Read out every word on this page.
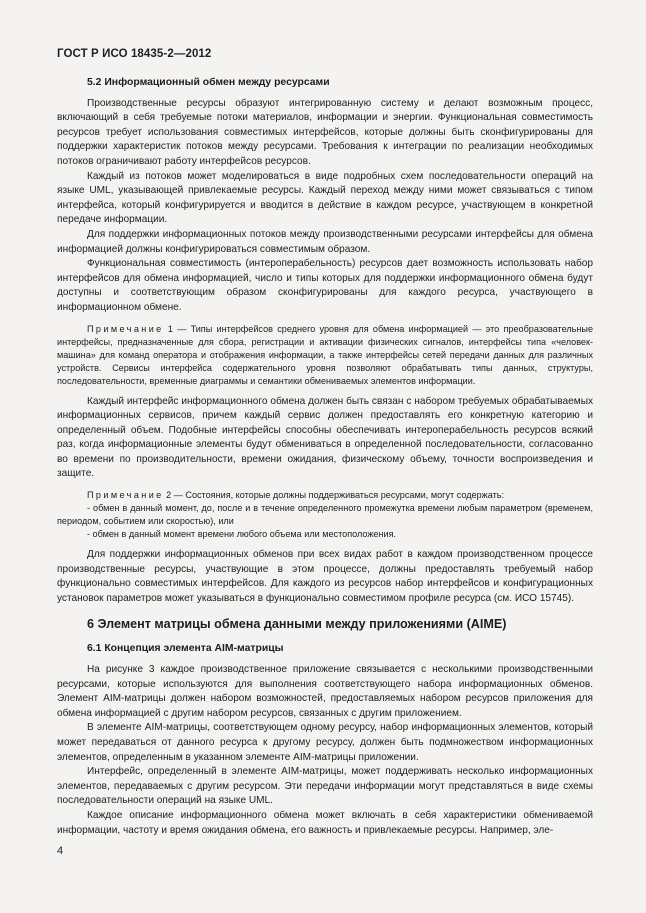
ГОСТ Р ИСО 18435-2—2012
5.2 Информационный обмен между ресурсами

Производственные ресурсы образуют интегрированную систему и делают возможным процесс, включающий в себя требуемые потоки материалов, информации и энергии. Функциональная совместимость ресурсов требует использования совместимых интерфейсов, которые должны быть сконфигурированы для поддержки характеристик потоков между ресурсами. Требования к интеграции по реализации необходимых потоков ограничивают работу интерфейсов ресурсов.

Каждый из потоков может моделироваться в виде подробных схем последовательности операций на языке UML, указывающей привлекаемые ресурсы. Каждый переход между ними может связываться с типом интерфейса, который конфигурируется и вводится в действие в каждом ресурсе, участвующем в конкретной передаче информации.

Для поддержки информационных потоков между производственными ресурсами интерфейсы для обмена информацией должны конфигурироваться совместимым образом.

Функциональная совместимость (интероперабельность) ресурсов дает возможность использовать набор интерфейсов для обмена информацией, число и типы которых для поддержки информационного обмена будут доступны и соответствующим образом сконфигурированы для каждого ресурса, участвующего в информационном обмене.

Примечание 1 — Типы интерфейсов среднего уровня для обмена информацией — это преобразовательные интерфейсы, предназначенные для сбора, регистрации и активации физических сигналов, интерфейсы типа «человек-машина» для команд оператора и отображения информации, а также интерфейсы сетей передачи данных для различных устройств. Сервисы интерфейса содержательного уровня позволяют обрабатывать типы данных, структуры, последовательности, временные диаграммы и семантики обмениваемых элементов информации.

Каждый интерфейс информационного обмена должен быть связан с набором требуемых обрабатываемых информационных сервисов, причем каждый сервис должен предоставлять его конкретную категорию и определенный объем. Подобные интерфейсы способны обеспечивать интероперабельность ресурсов всякий раз, когда информационные элементы будут обмениваться в определенной последовательности, согласованно во времени по производительности, времени ожидания, физическому объему, точности воспроизведения и защите.

Примечание 2 — Состояния, которые должны поддерживаться ресурсами, могут содержать:

- обмен в данный момент, до, после и в течение определенного промежутка времени любым параметром (временем, периодом, событием или скоростью), или

- обмен в данный момент времени любого объема или местоположения.

Для поддержки информационных обменов при всех видах работ в каждом производственном процессе производственные ресурсы, участвующие в этом процессе, должны предоставлять требуемый набор функционально совместимых интерфейсов. Для каждого из ресурсов набор интерфейсов и конфигурационных установок параметров может указываться в функционально совместимом профиле ресурса (см. ИСО 15745).

6 Элемент матрицы обмена данными между приложениями (AIME)
6.1 Концепция элемента AIM-матрицы

На рисунке 3 каждое производственное приложение связывается с несколькими производственными ресурсами, которые используются для выполнения соответствующего набора информационных обменов. Элемент AIM-матрицы должен набором возможностей, предоставляемых набором ресурсов приложения для обмена информацией с другим набором ресурсов, связанных с другим приложением.

В элементе AIM-матрицы, соответствующем одному ресурсу, набор информационных элементов, который может передаваться от данного ресурса к другому ресурсу, должен быть подмножеством информационных элементов, определенным в указанном элементе AIM-матрицы приложении.

Интерфейс, определенный в элементе AIM-матрицы, может поддерживать несколько информационных элементов, передаваемых с другим ресурсом. Эти передачи информации могут представляться в виде схемы последовательности операций на языке UML.

Каждое описание информационного обмена может включать в себя характеристики обмениваемой информации, частоту и время ожидания обмена, его важность и привлекаемые ресурсы. Например, эле-

4
